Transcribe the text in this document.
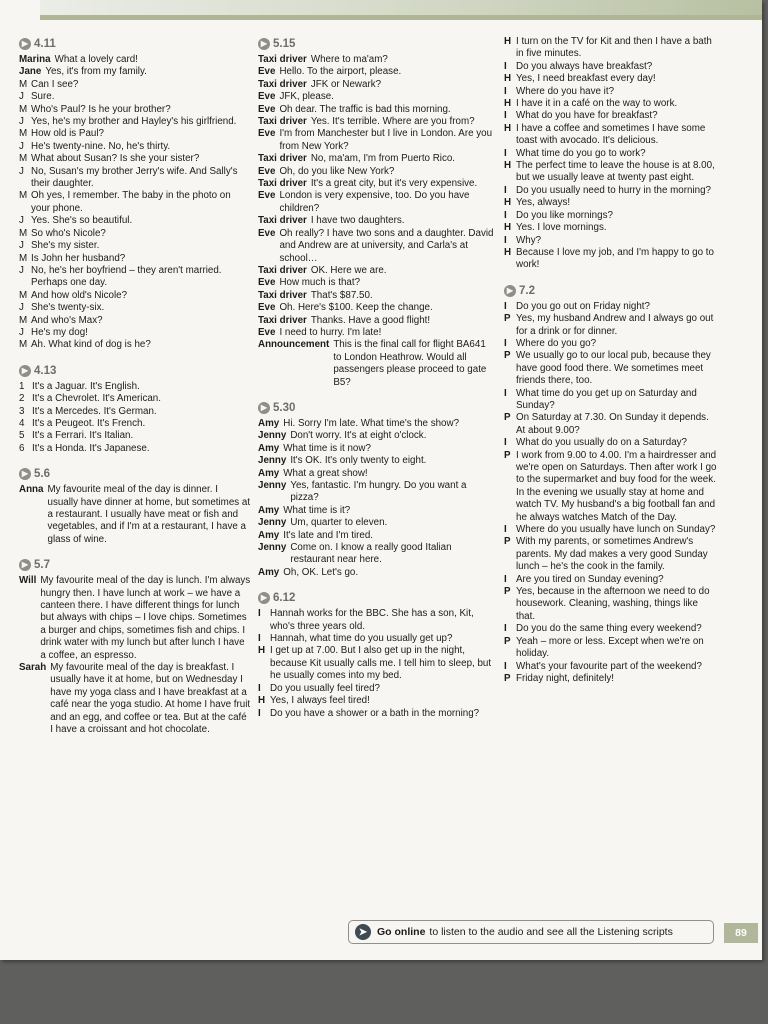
▶ 4.11
Marina What a lovely card!
Jane Yes, it's from my family.
M Can I see?
J Sure.
M Who's Paul? Is he your brother?
J Yes, he's my brother and Hayley's his girlfriend.
M How old is Paul?
J He's twenty-nine. No, he's thirty.
M What about Susan? Is she your sister?
J No, Susan's my brother Jerry's wife. And Sally's their daughter.
M Oh yes, I remember. The baby in the photo on your phone.
J Yes. She's so beautiful.
M So who's Nicole?
J She's my sister.
M Is John her husband?
J No, he's her boyfriend – they aren't married. Perhaps one day.
M And how old's Nicole?
J She's twenty-six.
M And who's Max?
J He's my dog!
M Ah. What kind of dog is he?
▶ 4.13
1 It's a Jaguar. It's English.
2 It's a Chevrolet. It's American.
3 It's a Mercedes. It's German.
4 It's a Peugeot. It's French.
5 It's a Ferrari. It's Italian.
6 It's a Honda. It's Japanese.
▶ 5.6
Anna My favourite meal of the day is dinner. I usually have dinner at home, but sometimes at a restaurant. I usually have meat or fish and vegetables, and if I'm at a restaurant, I have a glass of wine.
▶ 5.7
Will My favourite meal of the day is lunch. I'm always hungry then. I have lunch at work – we have a canteen there. I have different things for lunch but always with chips – I love chips. Sometimes a burger and chips, sometimes fish and chips. I drink water with my lunch but after lunch I have a coffee, an espresso.
Sarah My favourite meal of the day is breakfast. I usually have it at home, but on Wednesday I have my yoga class and I have breakfast at a café near the yoga studio. At home I have fruit and an egg, and coffee or tea. But at the café I have a croissant and hot chocolate.
▶ 5.15
Taxi driver Where to ma'am?
Eve Hello. To the airport, please.
Taxi driver JFK or Newark?
Eve JFK, please.
Eve Oh dear. The traffic is bad this morning.
Taxi driver Yes. It's terrible. Where are you from?
Eve I'm from Manchester but I live in London. Are you from New York?
Taxi driver No, ma'am, I'm from Puerto Rico.
Eve Oh, do you like New York?
Taxi driver It's a great city, but it's very expensive.
Eve London is very expensive, too. Do you have children?
Taxi driver I have two daughters.
Eve Oh really? I have two sons and a daughter. David and Andrew are at university, and Carla's at school…
Taxi driver OK. Here we are.
Eve How much is that?
Taxi driver That's $87.50.
Eve Oh. Here's $100. Keep the change.
Taxi driver Thanks. Have a good flight!
Eve I need to hurry. I'm late!
Announcement This is the final call for flight BA641 to London Heathrow. Would all passengers please proceed to gate B5?
▶ 5.30
Amy Hi. Sorry I'm late. What time's the show?
Jenny Don't worry. It's at eight o'clock.
Amy What time is it now?
Jenny It's OK. It's only twenty to eight.
Amy What a great show!
Jenny Yes, fantastic. I'm hungry. Do you want a pizza?
Amy What time is it?
Jenny Um, quarter to eleven.
Amy It's late and I'm tired.
Jenny Come on. I know a really good Italian restaurant near here.
Amy Oh, OK. Let's go.
▶ 6.12
I Hannah works for the BBC. She has a son, Kit, who's three years old.
I Hannah, what time do you usually get up?
H I get up at 7.00. But I also get up in the night, because Kit usually calls me. I tell him to sleep, but he usually comes into my bed.
I Do you usually feel tired?
H Yes, I always feel tired!
I Do you have a shower or a bath in the morning?
H I turn on the TV for Kit and then I have a bath in five minutes.
I Do you always have breakfast?
H Yes, I need breakfast every day!
I Where do you have it?
H I have it in a café on the way to work.
I What do you have for breakfast?
H I have a coffee and sometimes I have some toast with avocado. It's delicious.
I What time do you go to work?
H The perfect time to leave the house is at 8.00, but we usually leave at twenty past eight.
I Do you usually need to hurry in the morning?
H Yes, always!
I Do you like mornings?
H Yes. I love mornings.
I Why?
H Because I love my job, and I'm happy to go to work!
▶ 7.2
I Do you go out on Friday night?
P Yes, my husband Andrew and I always go out for a drink or for dinner.
I Where do you go?
P We usually go to our local pub, because they have good food there. We sometimes meet friends there, too.
I What time do you get up on Saturday and Sunday?
P On Saturday at 7.30. On Sunday it depends. At about 9.00?
I What do you usually do on a Saturday?
P I work from 9.00 to 4.00. I'm a hairdresser and we're open on Saturdays. Then after work I go to the supermarket and buy food for the week. In the evening we usually stay at home and watch TV. My husband's a big football fan and he always watches Match of the Day.
I Where do you usually have lunch on Sunday?
P With my parents, or sometimes Andrew's parents. My dad makes a very good Sunday lunch – he's the cook in the family.
I Are you tired on Sunday evening?
P Yes, because in the afternoon we need to do housework. Cleaning, washing, things like that.
I Do you do the same thing every weekend?
P Yeah – more or less. Except when we're on holiday.
I What's your favourite part of the weekend?
P Friday night, definitely!
➤ Go online to listen to the audio and see all the Listening scripts	89
